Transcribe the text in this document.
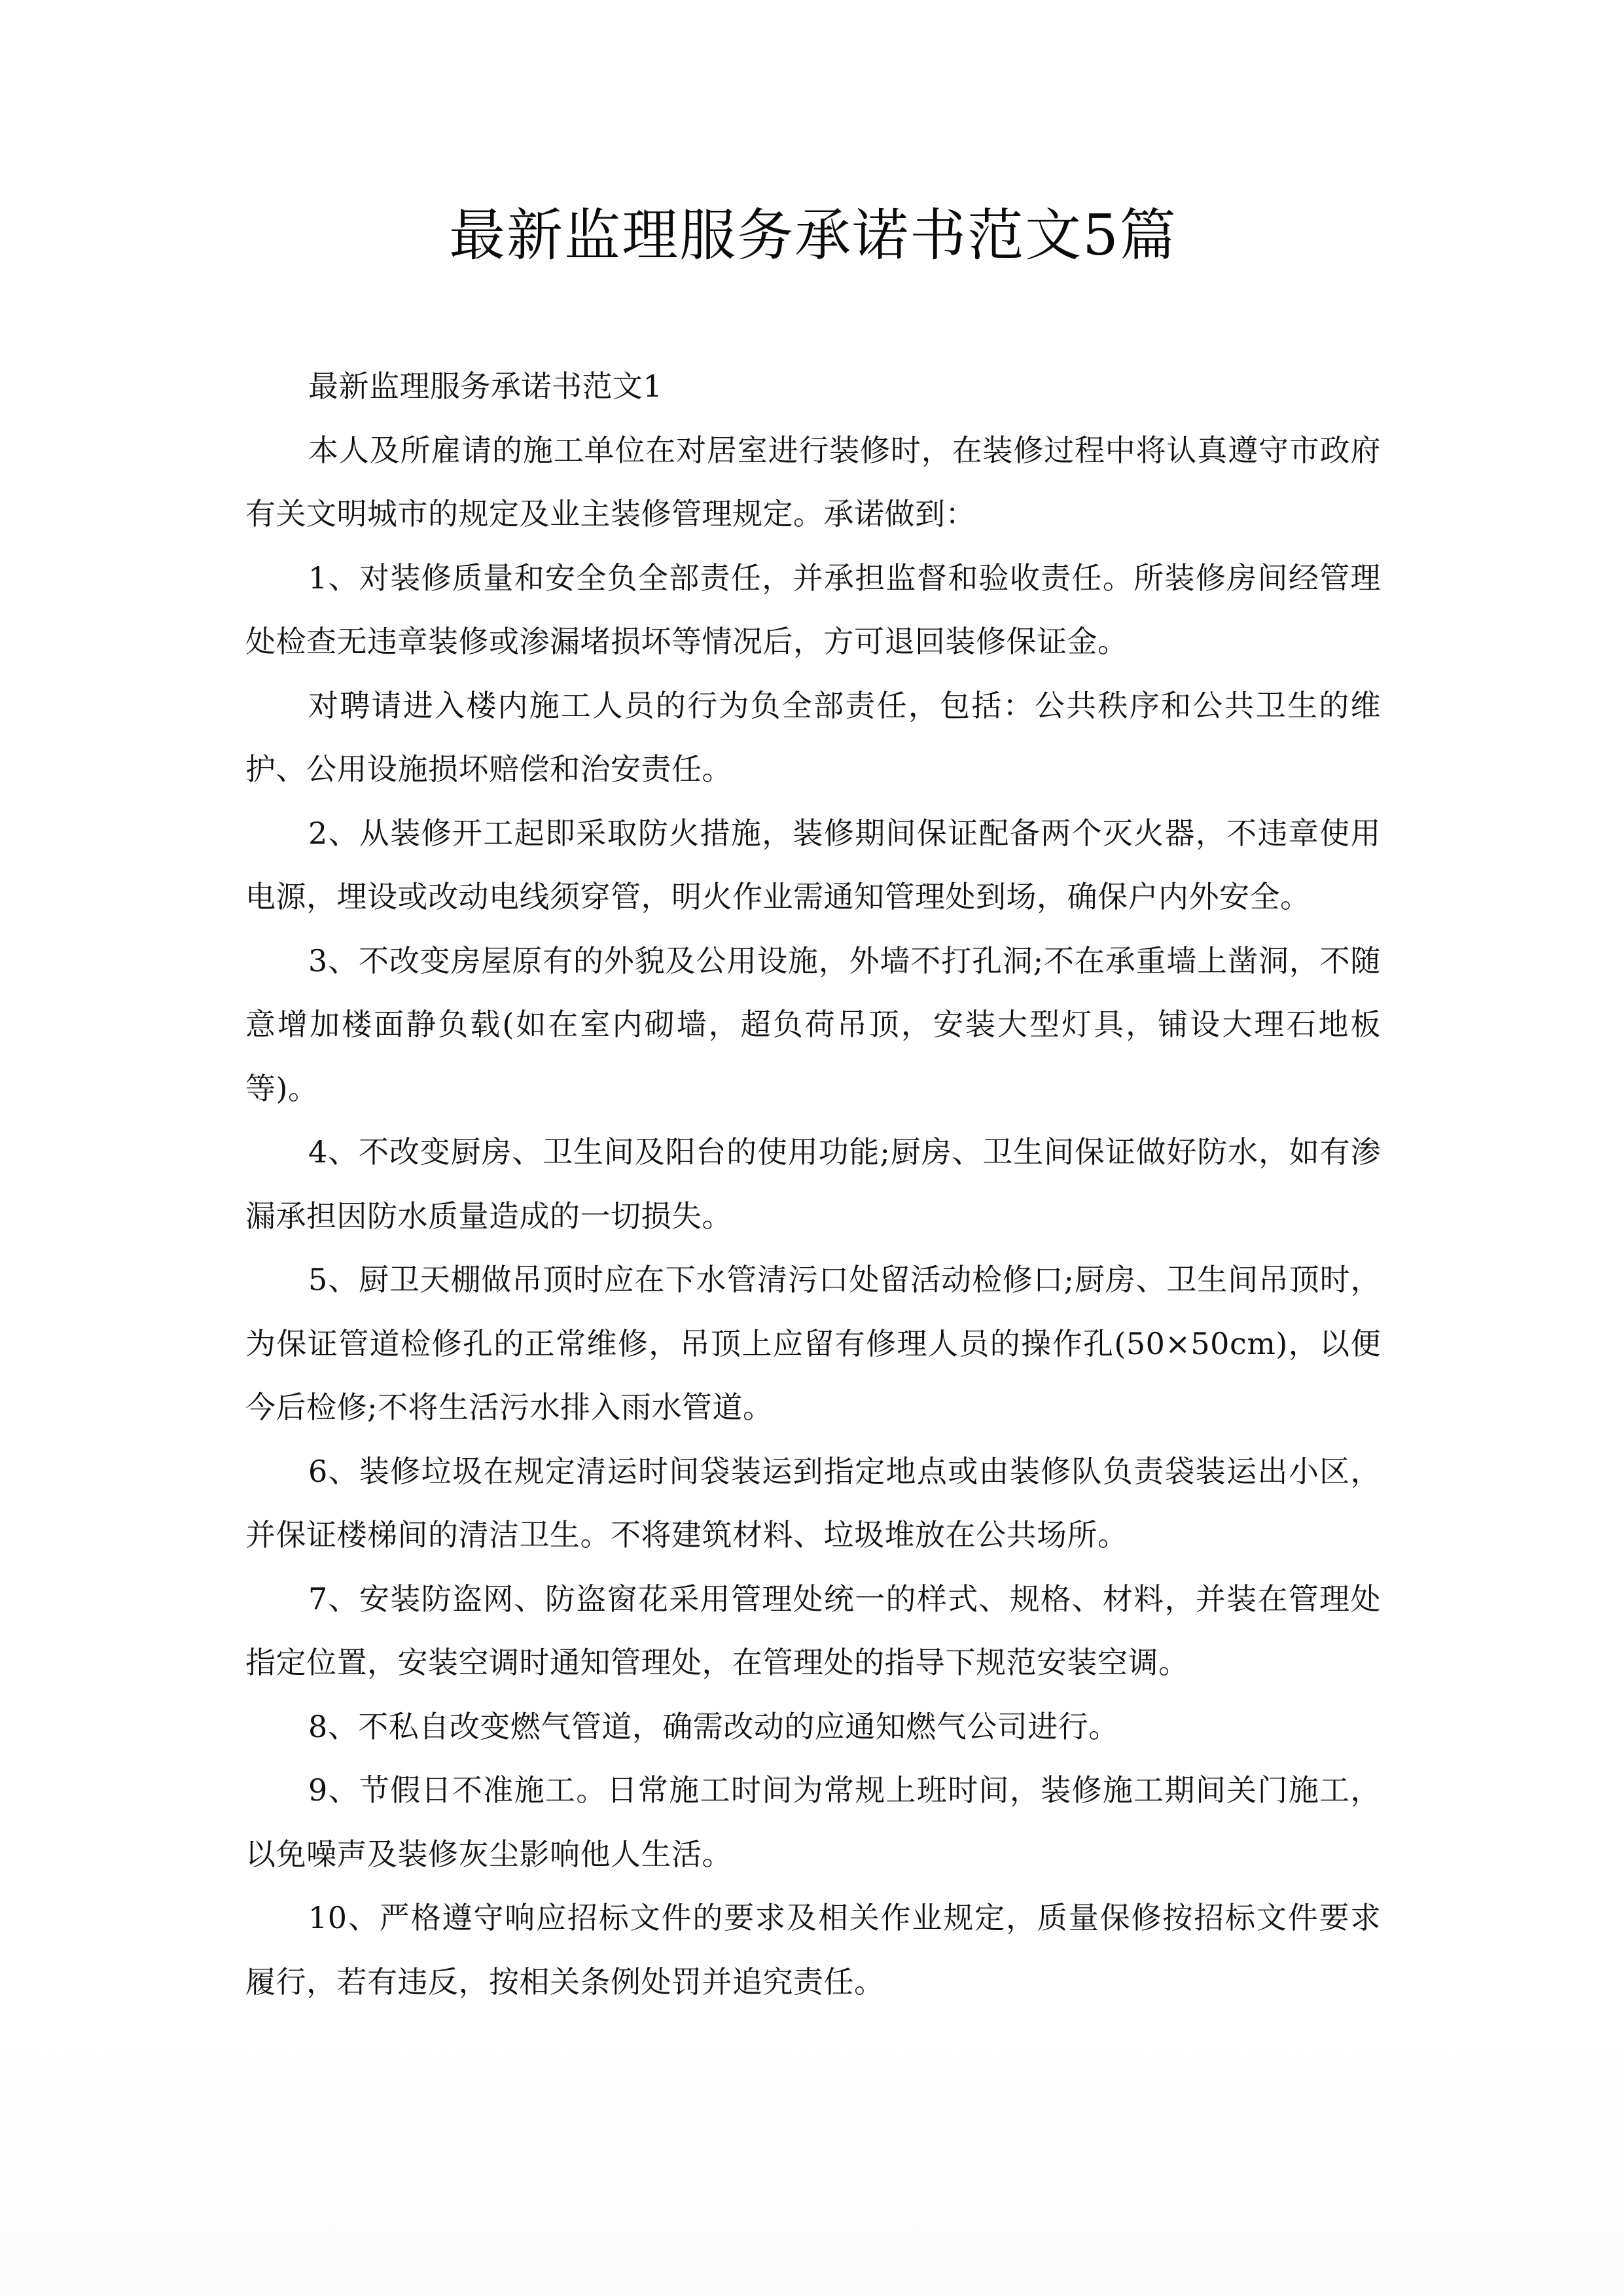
最新监理服务承诺书范文5篇

最新监理服务承诺书范文1

本人及所雇请的施工单位在对居室进行装修时，在装修过程中将认真遵守市政府有关文明城市的规定及业主装修管理规定。承诺做到：

1、对装修质量和安全负全部责任，并承担监督和验收责任。所装修房间经管理处检查无违章装修或渗漏堵损坏等情况后，方可退回装修保证金。

对聘请进入楼内施工人员的行为负全部责任，包括：公共秩序和公共卫生的维护、公用设施损坏赔偿和治安责任。

2、从装修开工起即采取防火措施，装修期间保证配备两个灭火器，不违章使用电源，埋设或改动电线须穿管，明火作业需通知管理处到场，确保户内外安全。

3、不改变房屋原有的外貌及公用设施，外墙不打孔洞;不在承重墙上凿洞，不随意增加楼面静负载(如在室内砌墙，超负荷吊顶，安装大型灯具，铺设大理石地板等)。

4、不改变厨房、卫生间及阳台的使用功能;厨房、卫生间保证做好防水，如有渗漏承担因防水质量造成的一切损失。

5、厨卫天棚做吊顶时应在下水管清污口处留活动检修口;厨房、卫生间吊顶时，为保证管道检修孔的正常维修，吊顶上应留有修理人员的操作孔(50×50cm)，以便今后检修;不将生活污水排入雨水管道。

6、装修垃圾在规定清运时间袋装运到指定地点或由装修队负责袋装运出小区，并保证楼梯间的清洁卫生。不将建筑材料、垃圾堆放在公共场所。

7、安装防盗网、防盗窗花采用管理处统一的样式、规格、材料，并装在管理处指定位置，安装空调时通知管理处，在管理处的指导下规范安装空调。

8、不私自改变燃气管道，确需改动的应通知燃气公司进行。

9、节假日不准施工。日常施工时间为常规上班时间，装修施工期间关门施工，以免噪声及装修灰尘影响他人生活。

10、严格遵守响应招标文件的要求及相关作业规定，质量保修按招标文件要求履行，若有违反，按相关条例处罚并追究责任。
